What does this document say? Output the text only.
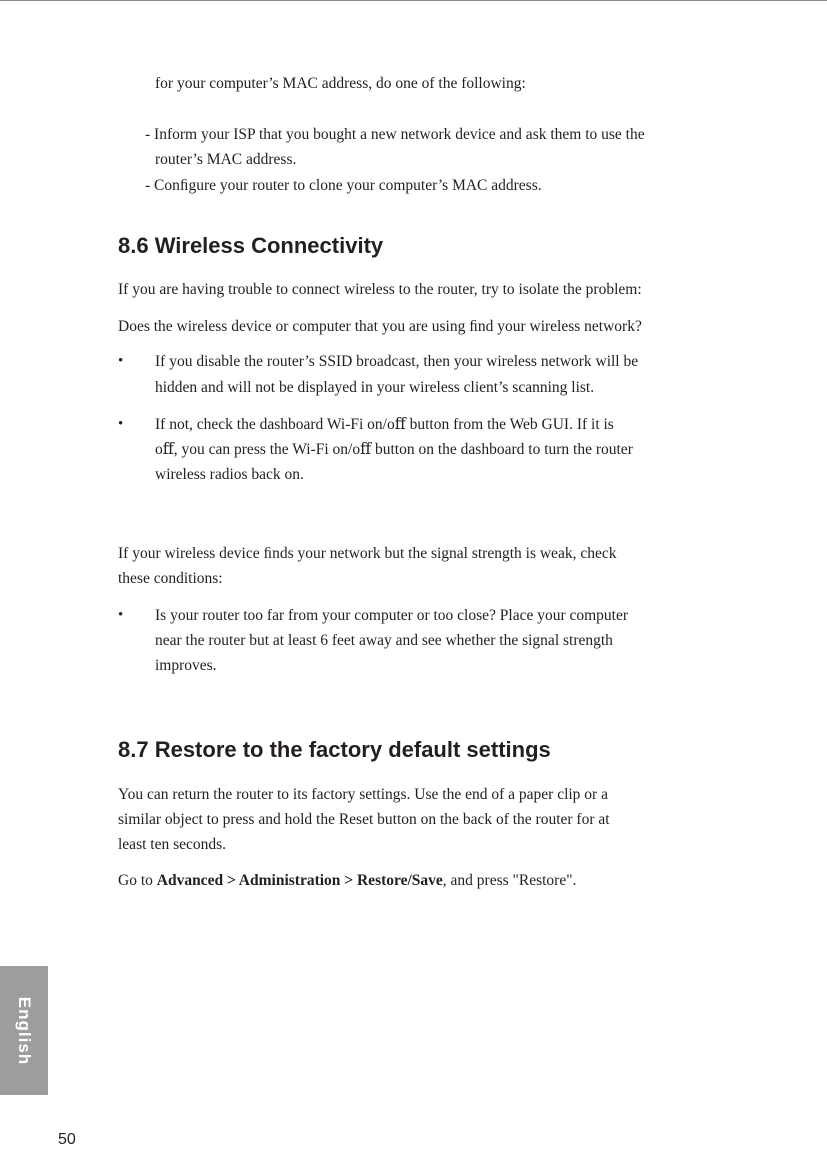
for your computer’s MAC address, do one of the following:

- Inform your ISP that you bought a new network device and ask them to use the

router’s MAC address.

- Conﬁgure your router to clone your computer’s MAC address.

8.6 Wireless Connectivity

If you are having trouble to connect wireless to the router, try to isolate the problem:

Does the wireless device or computer that you are using ﬁnd your wireless network?

• If you disable the router’s SSID broadcast, then your wireless network will be

hidden and will not be displayed in your wireless client’s scanning list.

• If not, check the dashboard Wi-Fi on/oﬀ button from the Web GUI. If it is

oﬀ, you can press the Wi-Fi on/oﬀ button on the dashboard to turn the router

wireless radios back on.

If your wireless device ﬁnds your network but the signal strength is weak, check

these conditions:

• Is your router too far from your computer or too close? Place your computer

near the router but at least 6 feet away and see whether the signal strength

improves.

8.7 Restore to the factory default settings

You can return the router to its factory settings. Use the end of a paper clip or a

similar object to press and hold the Reset button on the back of the router for at

least ten seconds.

Go to Advanced > Administration > Restore/Save, and press "Restore".

English
50
